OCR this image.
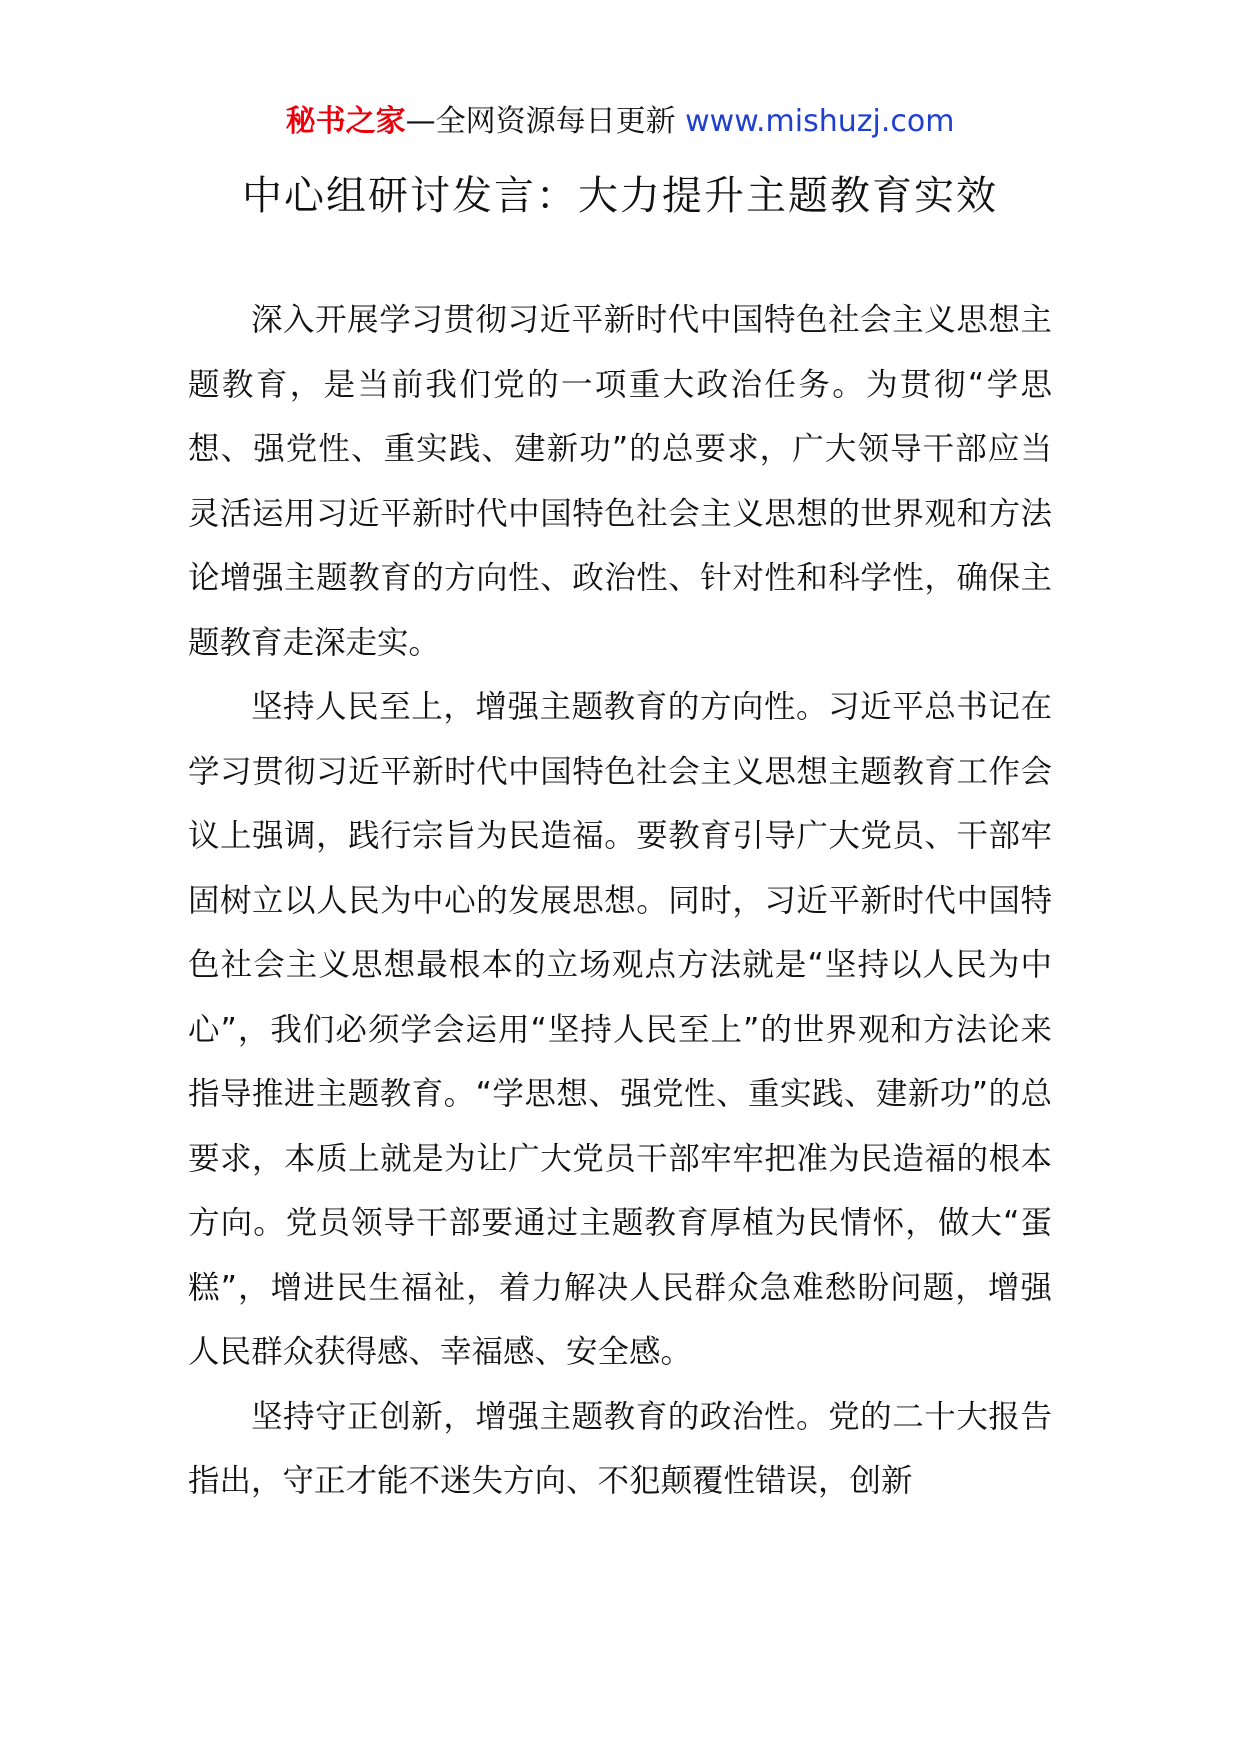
秘书之家—全网资源每日更新 www.mishuzj.com
中心组研讨发言：大力提升主题教育实效

深入开展学习贯彻习近平新时代中国特色社会主义思想主题教育，是当前我们党的一项重大政治任务。为贯彻“学思想、强党性、重实践、建新功”的总要求，广大领导干部应当灵活运用习近平新时代中国特色社会主义思想的世界观和方法论增强主题教育的方向性、政治性、针对性和科学性，确保主题教育走深走实。

坚持人民至上，增强主题教育的方向性。习近平总书记在学习贯彻习近平新时代中国特色社会主义思想主题教育工作会议上强调，践行宗旨为民造福。要教育引导广大党员、干部牢固树立以人民为中心的发展思想。同时，习近平新时代中国特色社会主义思想最根本的立场观点方法就是“坚持以人民为中心”，我们必须学会运用“坚持人民至上”的世界观和方法论来指导推进主题教育。“学思想、强党性、重实践、建新功”的总要求，本质上就是为让广大党员干部牢牢把准为民造福的根本方向。党员领导干部要通过主题教育厚植为民情怀，做大“蛋糕”，增进民生福祉，着力解决人民群众急难愁盼问题，增强人民群众获得感、幸福感、安全感。

坚持守正创新，增强主题教育的政治性。党的二十大报告指出，守正才能不迷失方向、不犯颠覆性错误，创新
